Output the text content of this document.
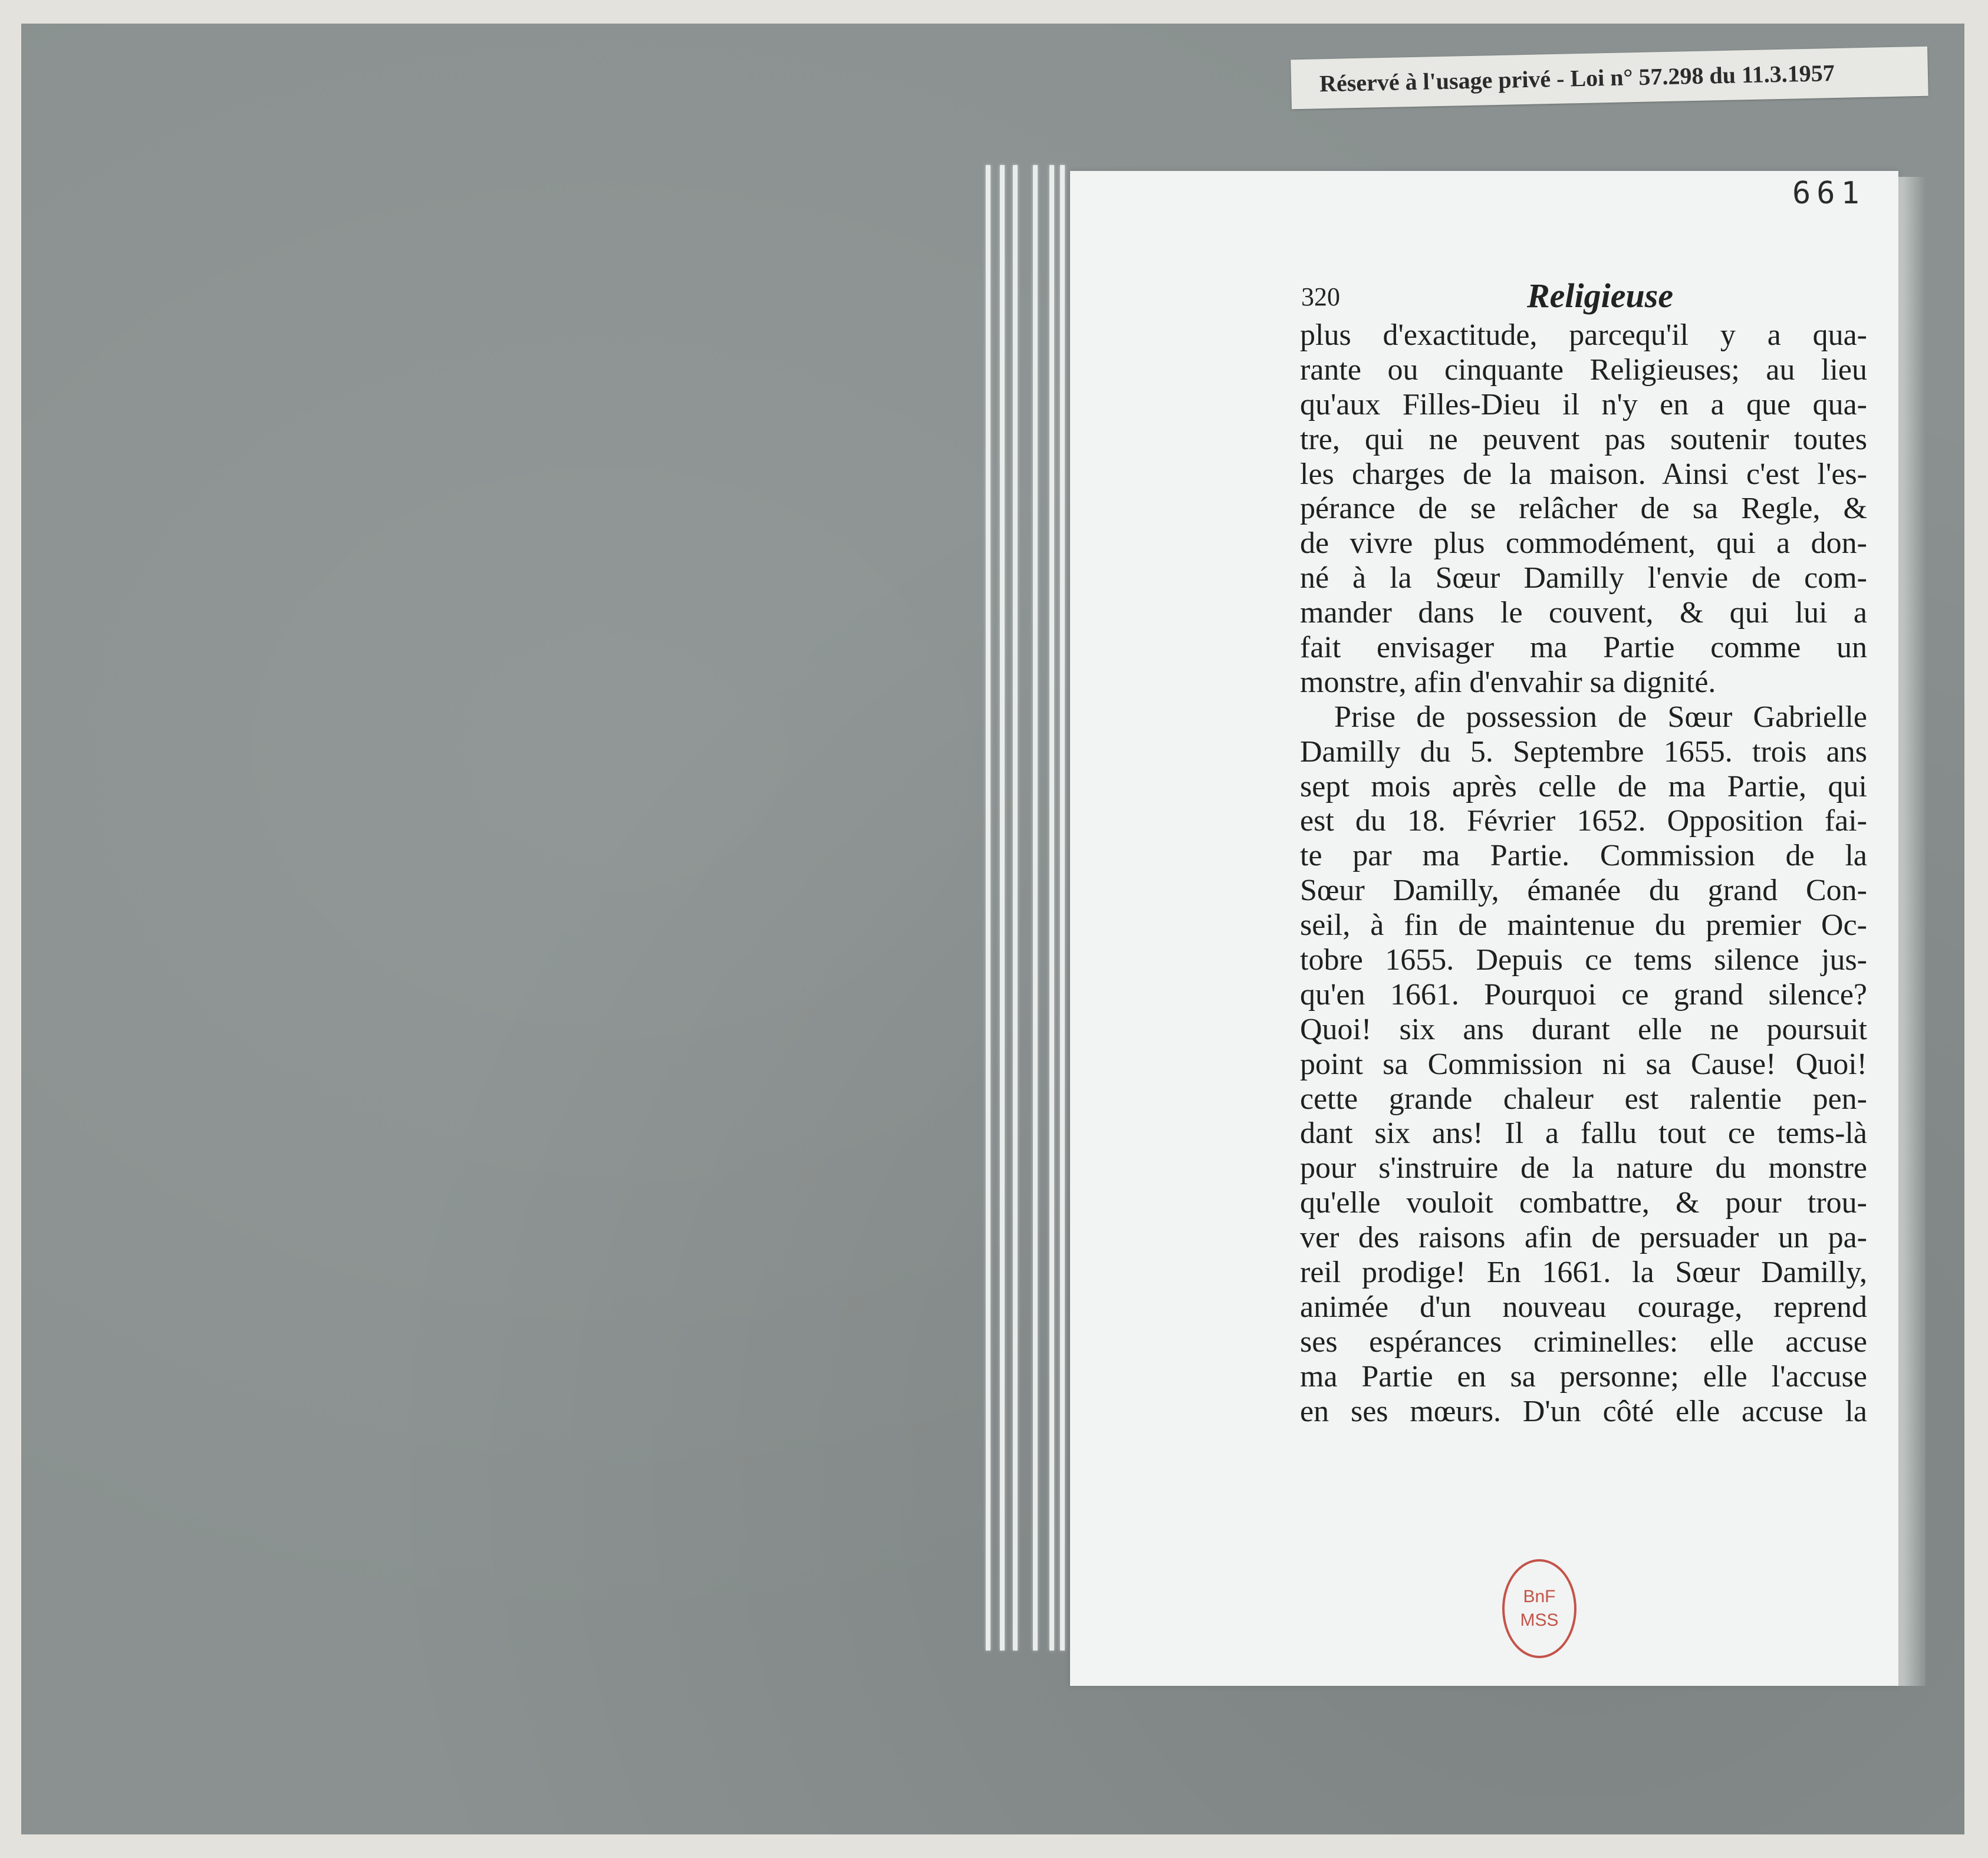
Réservé à l'usage privé - Loi n° 57.298 du 11.3.1957
661
320	Religieuse
plus d'exactitude, parcequ'il y a qua-
rante ou cinquante Religieuses; au lieu
qu'aux Filles-Dieu il n'y en a que qua-
tre, qui ne peuvent pas soutenir toutes
les charges de la maison. Ainsi c'est l'es-
pérance de se relâcher de sa Regle, &
de vivre plus commodément, qui a don-
né à la Sœur Damilly l'envie de com-
mander dans le couvent, & qui lui a
fait envisager ma Partie comme un
monstre, afin d'envahir sa dignité.
Prise de possession de Sœur Gabrielle
Damilly du 5. Septembre 1655. trois ans
sept mois après celle de ma Partie, qui
est du 18. Février 1652. Opposition fai-
te par ma Partie. Commission de la
Sœur Damilly, émanée du grand Con-
seil, à fin de maintenue du premier Oc-
tobre 1655. Depuis ce tems silence jus-
qu'en 1661. Pourquoi ce grand silence?
Quoi! six ans durant elle ne poursuit
point sa Commission ni sa Cause! Quoi!
cette grande chaleur est ralentie pen-
dant six ans! Il a fallu tout ce tems-là
pour s'instruire de la nature du monstre
qu'elle vouloit combattre, & pour trou-
ver des raisons afin de persuader un pa-
reil prodige! En 1661. la Sœur Damilly,
animée d'un nouveau courage, reprend
ses espérances criminelles: elle accuse
ma Partie en sa personne; elle l'accuse
en ses mœurs. D'un côté elle accuse la
BnF
MSS
